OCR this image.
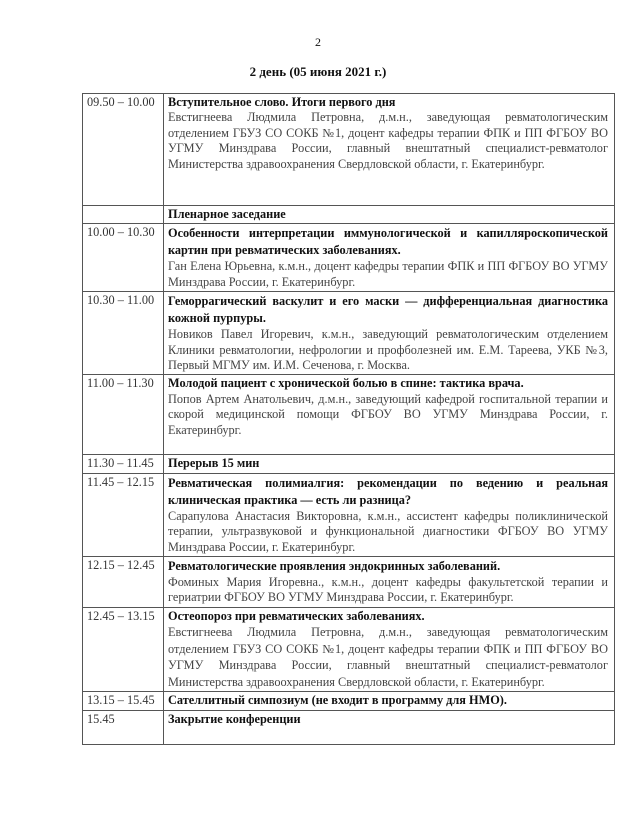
2
2 день (05 июня 2021 г.)
09.50 – 10.00	Вступительное слово. Итоги первого дня
Евстигнеева Людмила Петровна, д.м.н., заведующая ревматологическим отделением ГБУЗ СО СОКБ №1, доцент кафедры терапии ФПК и ПП ФГБОУ ВО УГМУ Минздрава России, главный внештатный специалист-ревматолог Министерства здравоохранения Свердловской области, г. Екатеринбург.

	Пленарное заседание

10.00 – 10.30	Особенности интерпретации иммунологической и капилляроскопической картин при ревматических заболеваниях.
Ган Елена Юрьевна, к.м.н., доцент кафедры терапии ФПК и ПП ФГБОУ ВО УГМУ Минздрава России, г. Екатеринбург.

10.30 – 11.00	Геморрагический васкулит и его маски — дифференциальная диагностика кожной пурпуры.
Новиков Павел Игоревич, к.м.н., заведующий ревматологическим отделением Клиники ревматологии, нефрологии и профболезней им. Е.М. Тареева, УКБ №3, Первый МГМУ им. И.М. Сеченова, г. Москва.

11.00 – 11.30	Молодой пациент с хронической болью в спине: тактика врача.
Попов Артем Анатольевич, д.м.н., заведующий кафедрой госпитальной терапии и скорой медицинской помощи ФГБОУ ВО УГМУ Минздрава России, г. Екатеринбург.

11.30 – 11.45	Перерыв 15 мин

11.45 – 12.15	Ревматическая полимиалгия: рекомендации по ведению и реальная клиническая практика — есть ли разница?
Сарапулова Анастасия Викторовна, к.м.н., ассистент кафедры поликлинической терапии, ультразвуковой и функциональной диагностики ФГБОУ ВО УГМУ Минздрава России, г. Екатеринбург.

12.15 – 12.45	Ревматологические проявления эндокринных заболеваний.
Фоминых Мария Игоревна., к.м.н., доцент кафедры факультетской терапии и гериатрии ФГБОУ ВО УГМУ Минздрава России, г. Екатеринбург.

12.45 – 13.15	Остеопороз при ревматических заболеваниях.
Евстигнеева Людмила Петровна, д.м.н., заведующая ревматологическим отделением ГБУЗ СО СОКБ №1, доцент кафедры терапии ФПК и ПП ФГБОУ ВО УГМУ Минздрава России, главный внештатный специалист-ревматолог Министерства здравоохранения Свердловской области, г. Екатеринбург.

13.15 – 15.45	Сателлитный симпозиум (не входит в программу для НМО).

15.45	Закрытие конференции
